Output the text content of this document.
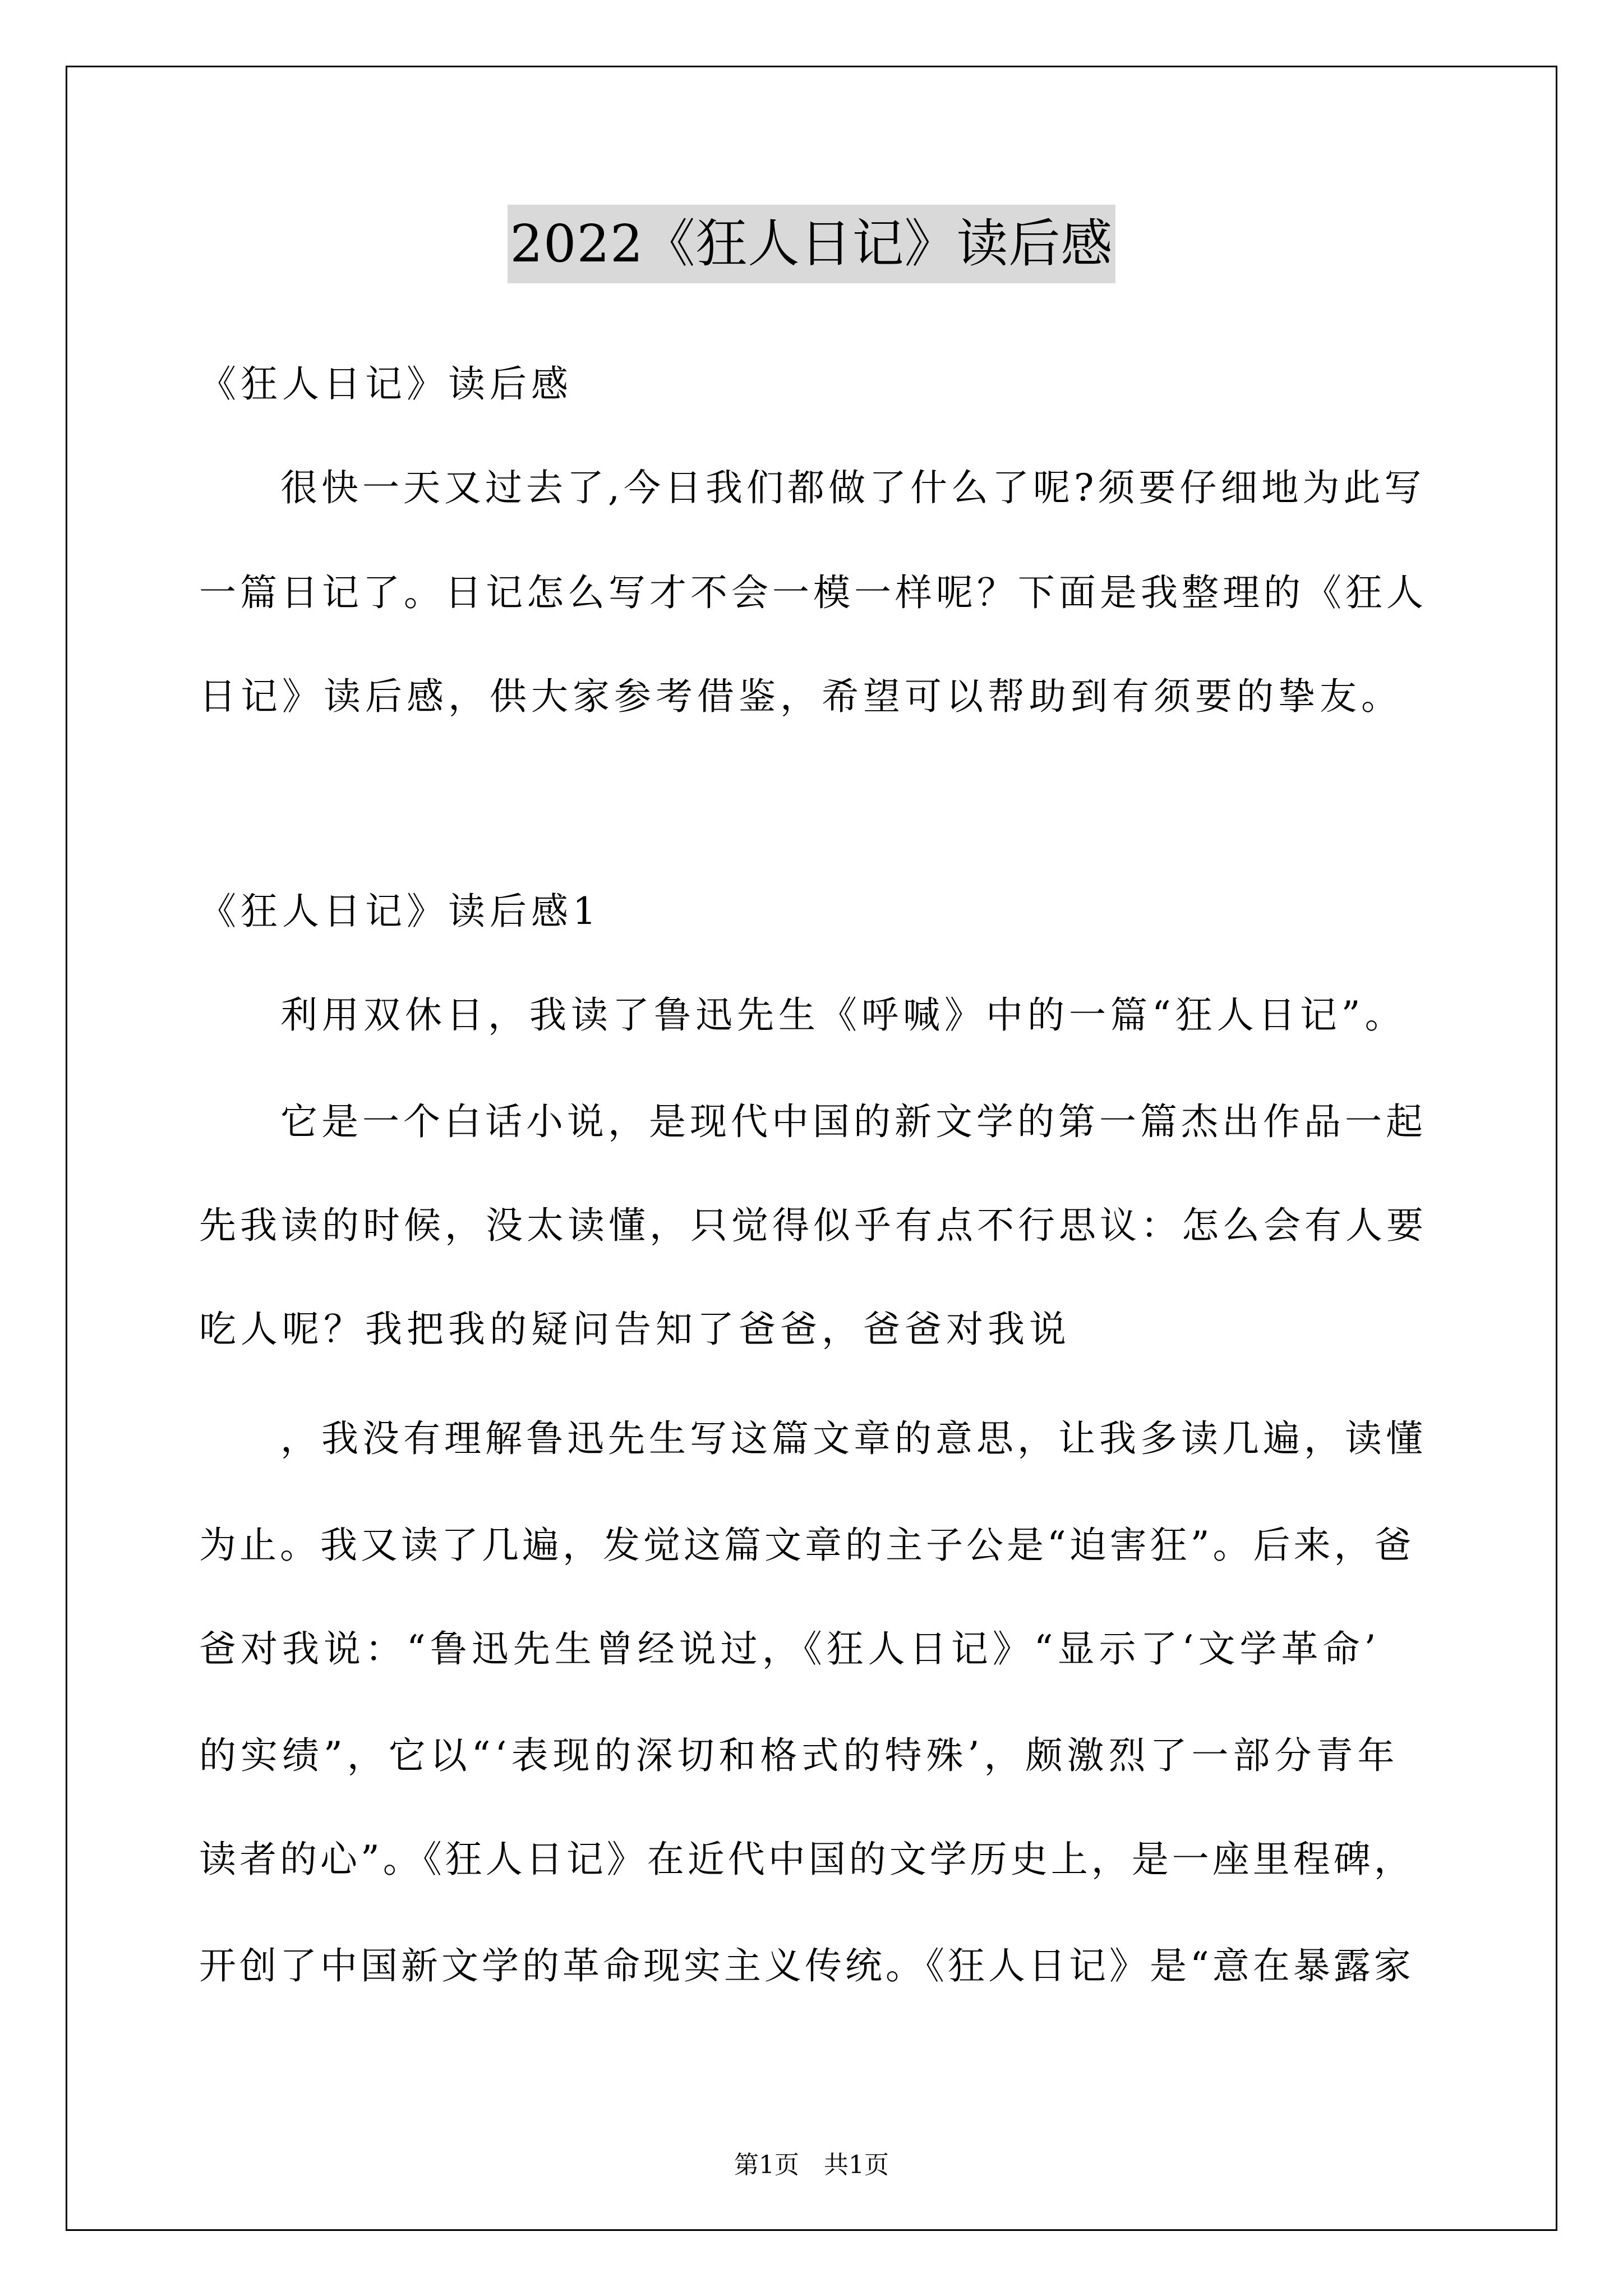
2022《狂人日记》读后感
《狂人日记》读后感
很快一天又过去了,今日我们都做了什么了呢?须要仔细地为此写
一篇日记了。日记怎么写才不会一模一样呢？下面是我整理的《狂人
日记》读后感，供大家参考借鉴，希望可以帮助到有须要的挚友。
《狂人日记》读后感1
利用双休日，我读了鲁迅先生《呼喊》中的一篇“狂人日记”。
它是一个白话小说，是现代中国的新文学的第一篇杰出作品一起
先我读的时候，没太读懂，只觉得似乎有点不行思议：怎么会有人要
吃人呢？我把我的疑问告知了爸爸，爸爸对我说
，我没有理解鲁迅先生写这篇文章的意思，让我多读几遍，读懂
为止。我又读了几遍，发觉这篇文章的主子公是“迫害狂”。后来，爸
爸对我说：“鲁迅先生曾经说过，《狂人日记》“显示了‘文学革命’
的实绩”，它以“‘表现的深切和格式的特殊’，颇激烈了一部分青年
读者的心”。《狂人日记》在近代中国的文学历史上，是一座里程碑，
开创了中国新文学的革命现实主义传统。《狂人日记》是“意在暴露家
第1页　共1页
